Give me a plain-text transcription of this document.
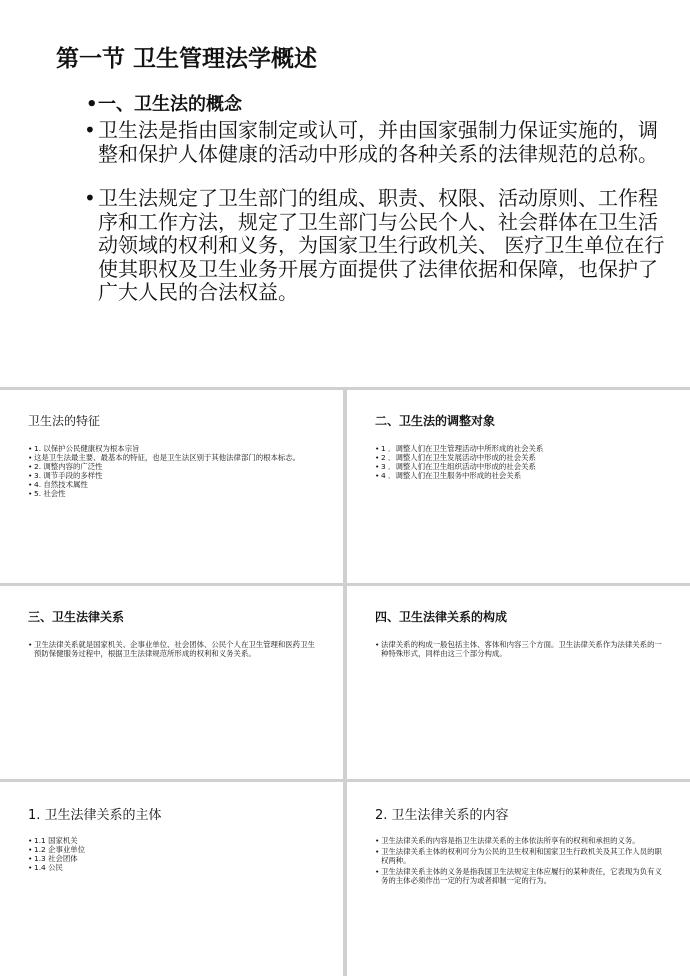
第一节 卫生管理法学概述
•一、卫生法的概念
• 卫生法是指由国家制定或认可，并由国家强制力保证实施的，调整和保护人体健康的活动中形成的各种关系的法律规范的总称。
• 卫生法规定了卫生部门的组成、职责、权限、活动原则、工作程序和工作方法，规定了卫生部门与公民个人、社会群体在卫生活动领域的权利和义务，为国家卫生行政机关、 医疗卫生单位在行使其职权及卫生业务开展方面提供了法律依据和保障，也保护了广大人民的合法权益。
卫生法的特征
• 1. 以保护公民健康权为根本宗旨
• 这是卫生法最主要、最基本的特征，也是卫生法区别于其他法律部门的根本标志。
• 2. 调整内容的广泛性
• 3. 调节手段的多样性
• 4. 自然技术属性
• 5. 社会性
二、卫生法的调整对象
• 1 ．调整人们在卫生管理活动中所形成的社会关系
• 2 ．调整人们在卫生发展活动中形成的社会关系
• 3 ．调整人们在卫生组织活动中形成的社会关系
• 4 ．调整人们在卫生服务中形成的社会关系
三、卫生法律关系
• 卫生法律关系就是国家机关、企事业单位、社会团体、公民个人在卫生管理和医药卫生预防保健服务过程中，根据卫生法律规范所形成的权利和义务关系。
四、卫生法律关系的构成
• 法律关系的构成一般包括主体、客体和内容三个方面。卫生法律关系作为法律关系的一种特殊形式，同样由这三个部分构成。
1. 卫生法律关系的主体
• 1.1 国家机关
• 1.2 企事业单位
• 1.3 社会团体
• 1.4 公民
2. 卫生法律关系的内容
• 卫生法律关系的内容是指卫生法律关系的主体依法所享有的权利和承担的义务。
• 卫生法律关系主体的权利可分为公民的卫生权利和国家卫生行政机关及其工作人员的职权两种。
• 卫生法律关系主体的义务是指我国卫生法规定主体应履行的某种责任，它表现为负有义务的主体必须作出一定的行为或者抑制一定的行为。
